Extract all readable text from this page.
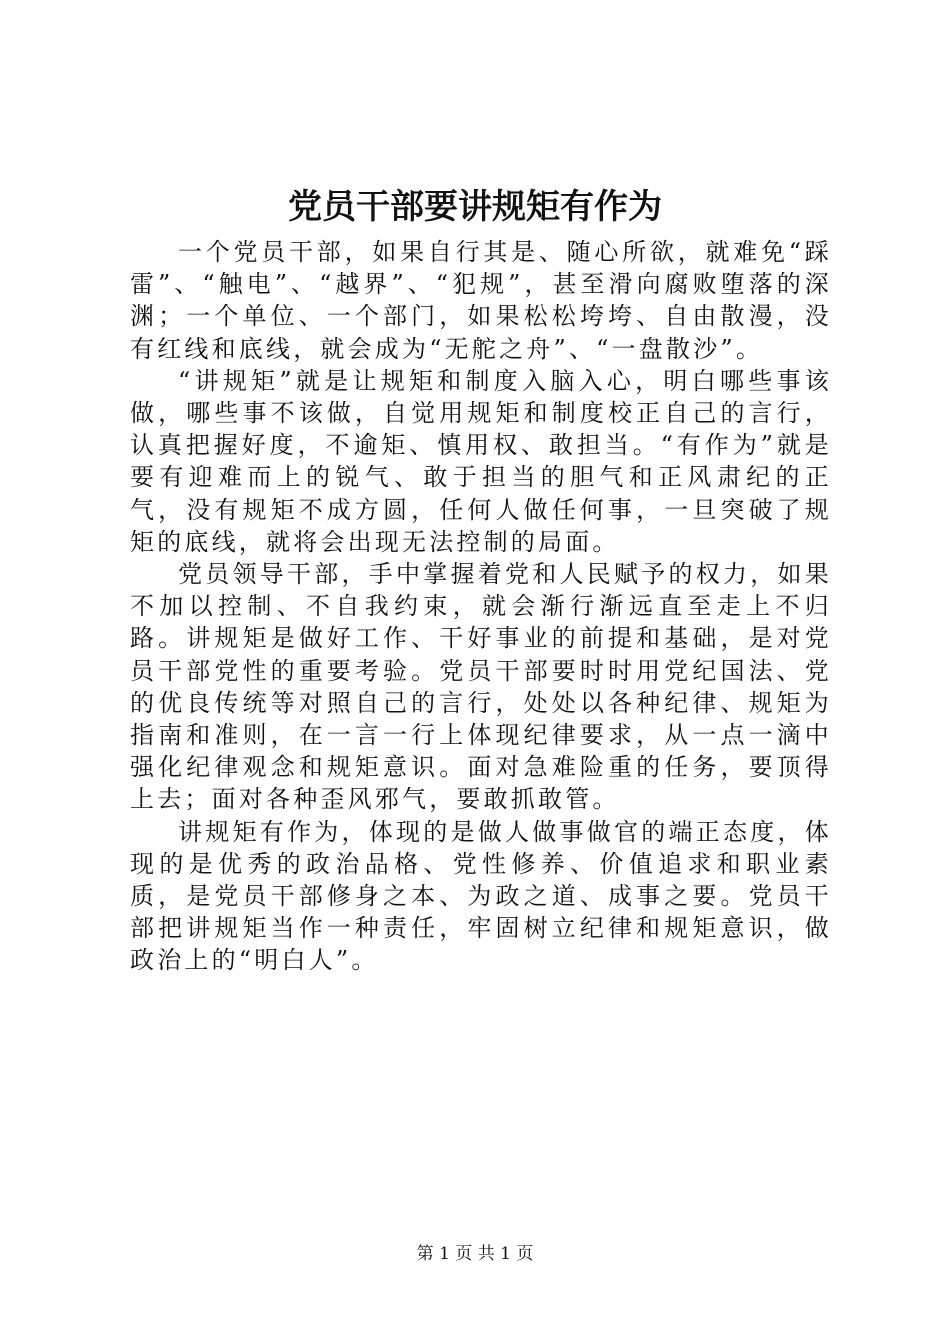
党员干部要讲规矩有作为

一个党员干部，如果自行其是、随心所欲，就难免“踩雷”、“触电”、“越界”、“犯规”，甚至滑向腐败堕落的深渊；一个单位、一个部门，如果松松垮垮、自由散漫，没有红线和底线，就会成为“无舵之舟”、“一盘散沙”。

“讲规矩”就是让规矩和制度入脑入心，明白哪些事该做，哪些事不该做，自觉用规矩和制度校正自己的言行，认真把握好度，不逾矩、慎用权、敢担当。“有作为”就是要有迎难而上的锐气、敢于担当的胆气和正风肃纪的正气，没有规矩不成方圆，任何人做任何事，一旦突破了规矩的底线，就将会出现无法控制的局面。

党员领导干部，手中掌握着党和人民赋予的权力，如果不加以控制、不自我约束，就会渐行渐远直至走上不归路。讲规矩是做好工作、干好事业的前提和基础，是对党员干部党性的重要考验。党员干部要时时用党纪国法、党的优良传统等对照自己的言行，处处以各种纪律、规矩为指南和准则，在一言一行上体现纪律要求，从一点一滴中强化纪律观念和规矩意识。面对急难险重的任务，要顶得上去；面对各种歪风邪气，要敢抓敢管。

讲规矩有作为，体现的是做人做事做官的端正态度，体现的是优秀的政治品格、党性修养、价值追求和职业素质，是党员干部修身之本、为政之道、成事之要。党员干部把讲规矩当作一种责任，牢固树立纪律和规矩意识，做政治上的“明白人”。

第 1 页 共 1 页
